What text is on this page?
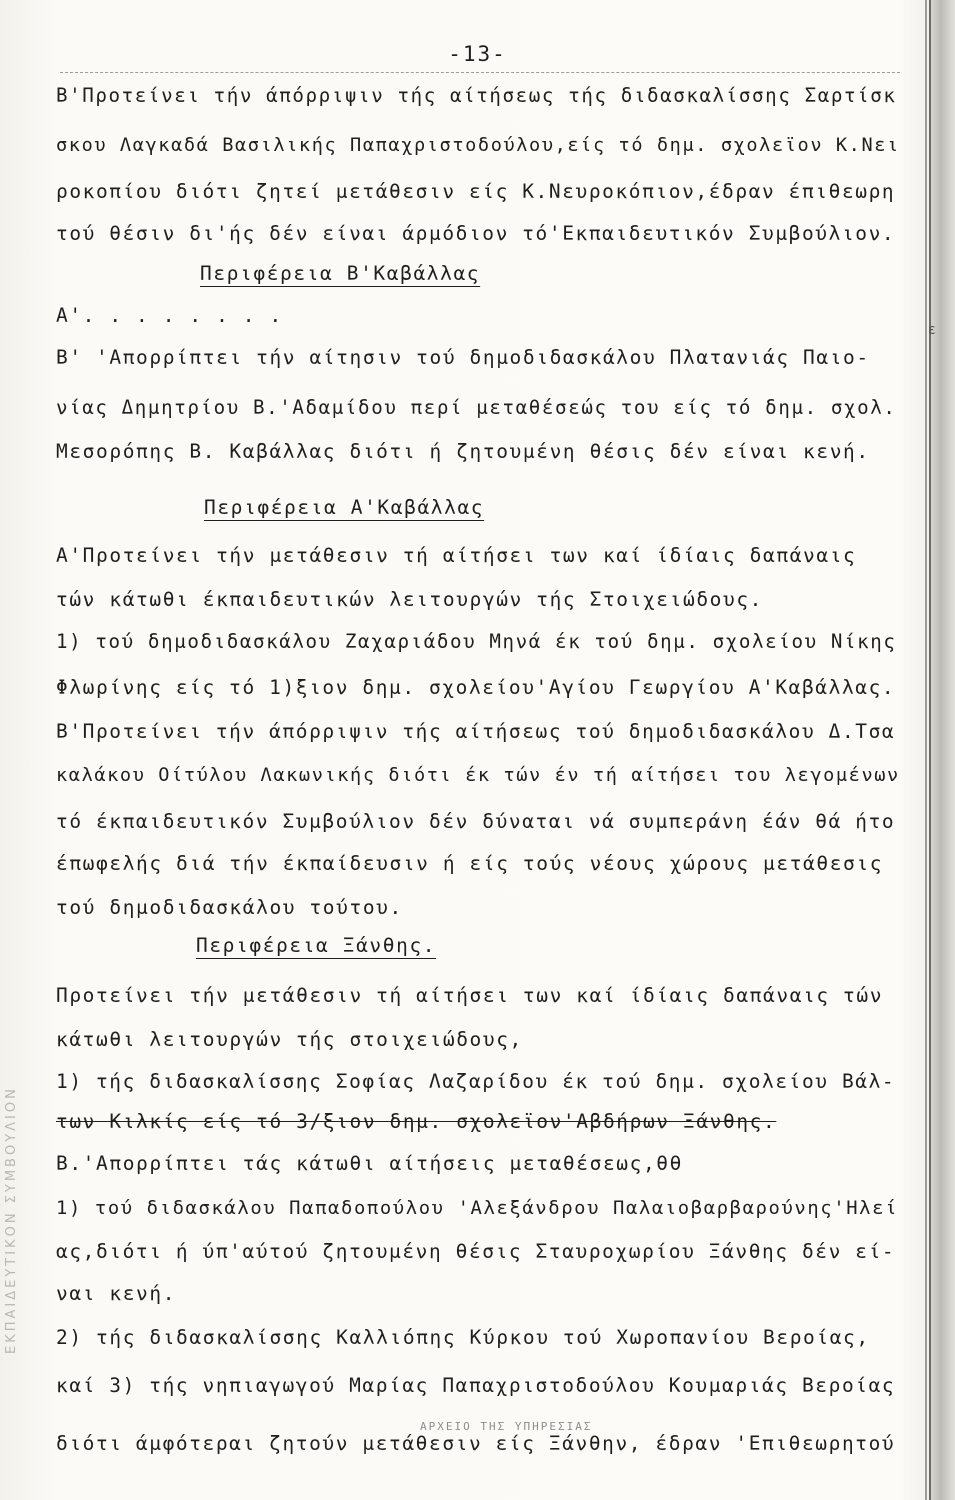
ΕΚΠΑΙΔΕΥΤΙΚΟΝ ΣΥΜΒΟΥΛΙΟΝ
-13-
Β'Προτείνει τήν άπόρριψιν τής αίτήσεως τής διδασκαλίσσης Σαρτίσκ
σκου Λαγκαδά Βασιλικής Παπαχριστοδούλου,είς τό δημ. σχολεϊον Κ.Νει
ροκοπίου διότι ζητεί μετάθεσιν είς Κ.Νευροκόπιον,έδραν έπιθεωρη
τού θέσιν δι'ής δέν είναι άρμόδιον τό'Εκπαιδευτικόν Συμβούλιον.
Περιφέρεια Β'Καβάλλας
Α'. . . . . . . .
ε
Β' 'Απορρίπτει τήν αίτησιν τού δημοδιδασκάλου Πλατανιάς Παιο-
νίας Δημητρίου Β.'Αδαμίδου περί μεταθέσεώς του είς τό δημ. σχολ.
Μεσορόπης Β. Καβάλλας διότι ή ζητουμένη θέσις δέν είναι κενή.
Περιφέρεια Α'Καβάλλας
Α'Προτείνει τήν μετάθεσιν τή αίτήσει των καί ίδίαις δαπάναις
τών κάτωθι έκπαιδευτικών λειτουργών τής Στοιχειώδους.
1) τού δημοδιδασκάλου Ζαχαριάδου Μηνά έκ τού δημ. σχολείου Νίκης
Φλωρίνης είς τό 1)ξιον δημ. σχολείου'Αγίου Γεωργίου Α'Καβάλλας.
Β'Προτείνει τήν άπόρριψιν τής αίτήσεως τού δημοδιδασκάλου Δ.Τσα
καλάκου Οίτύλου Λακωνικής διότι έκ τών έν τή αίτήσει του λεγομένων
τό έκπαιδευτικόν Συμβούλιον δέν δύναται νά συμπεράνη έάν θά ήτο
έπωφελής διά τήν έκπαίδευσιν ή είς τούς νέους χώρους μετάθεσις
τού δημοδιδασκάλου τούτου.
Περιφέρεια Ξάνθης.
Προτείνει τήν μετάθεσιν τή αίτήσει των καί ίδίαις δαπάναις τών
κάτωθι λειτουργών τής στοιχειώδους,
1) τής διδασκαλίσσης Σοφίας Λαζαρίδου έκ τού δημ. σχολείου Βάλ-
των Κιλκίς είς τό 3/ξιον δημ. σχολεϊον'Αβδήρων Ξάνθης.
Β.'Απορρίπτει τάς κάτωθι αίτήσεις μεταθέσεως,θθ
1) τού διδασκάλου Παπαδοπούλου 'Αλεξάνδρου Παλαιοβαρβαρούνης'Ηλεί
ας,διότι ή ύπ'αύτού ζητουμένη θέσις Σταυροχωρίου Ξάνθης δέν εί-
ναι κενή.
2) τής διδασκαλίσσης Καλλιόπης Κύρκου τού Χωροπανίου Βεροίας,
καί 3) τής νηπιαγωγού Μαρίας Παπαχριστοδούλου Κουμαριάς Βεροίας
διότι άμφότεραι ζητούν μετάθεσιν είς Ξάνθην, έδραν 'Επιθεωρητού
ΑΡΧΕΙΟ ΤΗΣ ΥΠΗΡΕΣΙΑΣ
